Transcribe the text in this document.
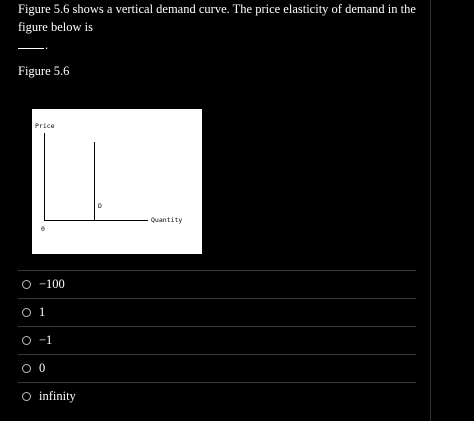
Figure 5.6 shows a vertical demand curve. The price elasticity of demand in the figure below is
.
Figure 5.6
Price
D
Quantity
0
−100
1
−1
0
infinity
